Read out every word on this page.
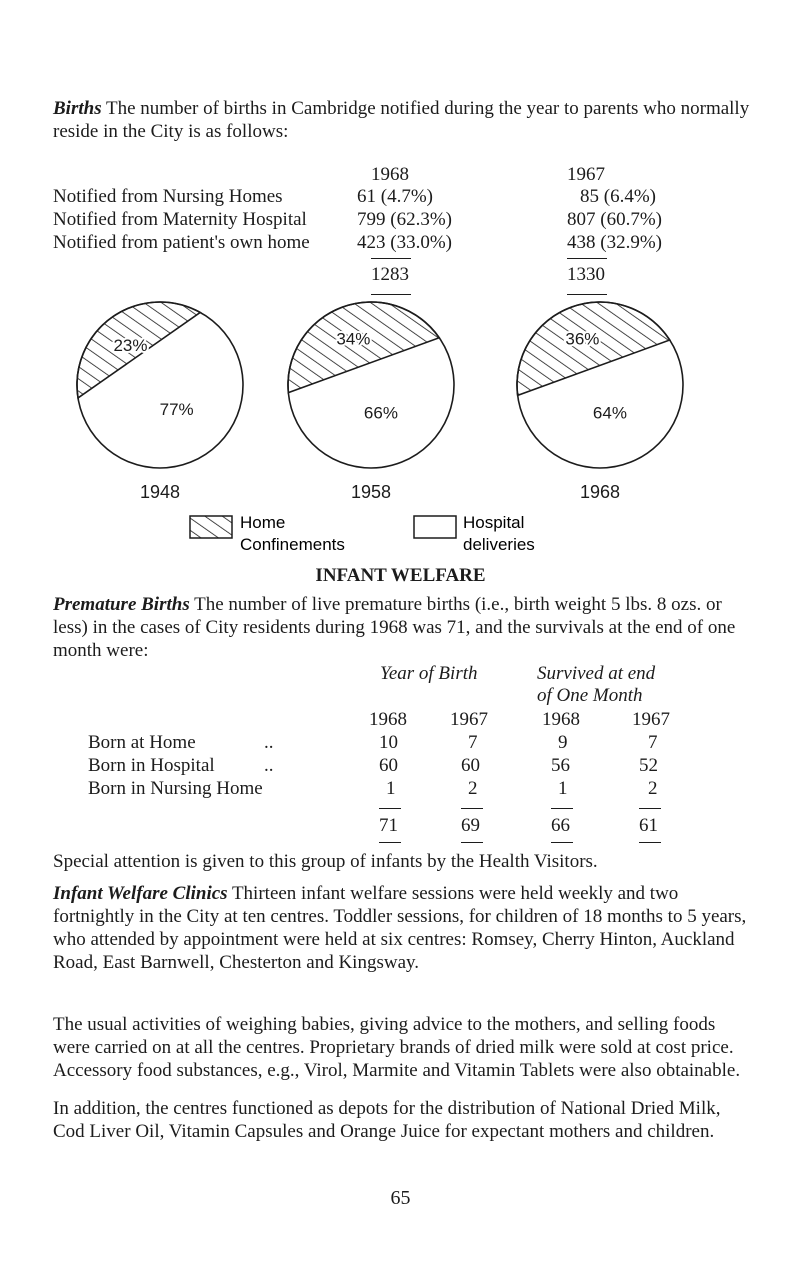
Births The number of births in Cambridge notified during the year to parents who normally reside in the City is as follows:
1968	1967
Notified from Nursing Homes	61 (4.7%)	85 (6.4%)
Notified from Maternity Hospital	799 (62.3%)	807 (60.7%)
Notified from patient's own home 423 (33.0%)	438 (32.9%)
1283	1330
23%
77%
1948
34%
66%
1958
36%
64%
1968
Home
Confinements
Hospital
deliveries
INFANT WELFARE
Premature Births The number of live premature births (i.e., birth weight 5 lbs. 8 ozs. or less) in the cases of City residents during 1968 was 71, and the survivals at the end of one month were:
Year of Birth	Survived at end
of One Month
1968 1967	1968	1967
Born at Home	..	10	7	9	7
Born in Hospital	..	60	60	56	52
Born in Nursing Home	1	2	1	2
71	69	66	61
Special attention is given to this group of infants by the Health Visitors.
Infant Welfare Clinics Thirteen infant welfare sessions were held weekly and two fortnightly in the City at ten centres. Toddler sessions, for children of 18 months to 5 years, who attended by appointment were held at six centres: Romsey, Cherry Hinton, Auckland Road, East Barnwell, Chesterton and Kingsway.
The usual activities of weighing babies, giving advice to the mothers, and selling foods were carried on at all the centres. Proprietary brands of dried milk were sold at cost price. Accessory food substances, e.g., Virol, Marmite and Vitamin Tablets were also obtainable.
In addition, the centres functioned as depots for the distribution of National Dried Milk, Cod Liver Oil, Vitamin Capsules and Orange Juice for expectant mothers and children.
65
